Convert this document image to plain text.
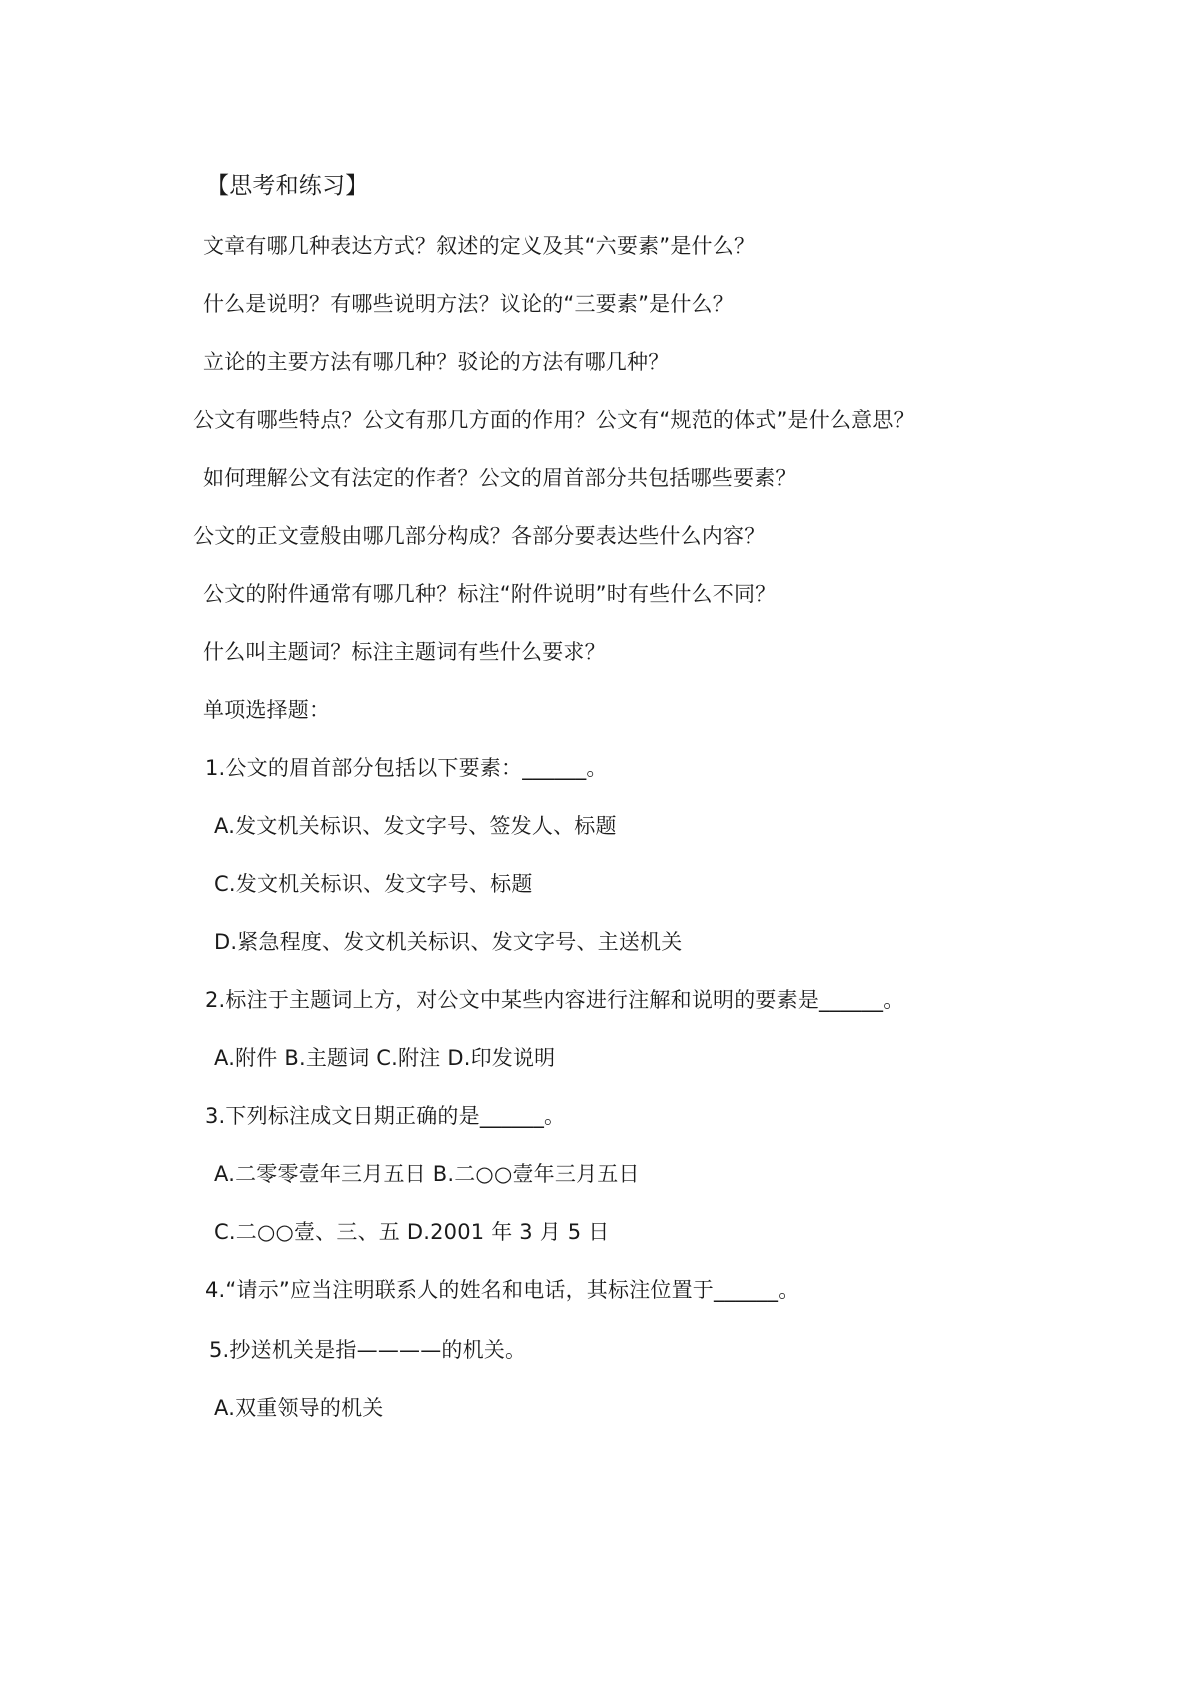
【思考和练习】
文章有哪几种表达方式？叙述的定义及其“六要素”是什么？
什么是说明？有哪些说明方法？议论的“三要素”是什么？
立论的主要方法有哪几种？驳论的方法有哪几种？
公文有哪些特点？公文有那几方面的作用？公文有“规范的体式”是什么意思？
如何理解公文有法定的作者？公文的眉首部分共包括哪些要素？
公文的正文壹般由哪几部分构成？各部分要表达些什么内容？
公文的附件通常有哪几种？标注“附件说明”时有些什么不同？
什么叫主题词？标注主题词有些什么要求？
单项选择题：
1.公文的眉首部分包括以下要素：______。
A.发文机关标识、发文字号、签发人、标题
C.发文机关标识、发文字号、标题
D.紧急程度、发文机关标识、发文字号、主送机关
2.标注于主题词上方，对公文中某些内容进行注解和说明的要素是______。
A.附件 B.主题词 C.附注 D.印发说明
3.下列标注成文日期正确的是______。
A.二零零壹年三月五日 B.二○○壹年三月五日
C.二○○壹、三、五 D.2001 年 3 月 5 日
4.“请示”应当注明联系人的姓名和电话，其标注位置于______。
5.抄送机关是指————的机关。
A.双重领导的机关
